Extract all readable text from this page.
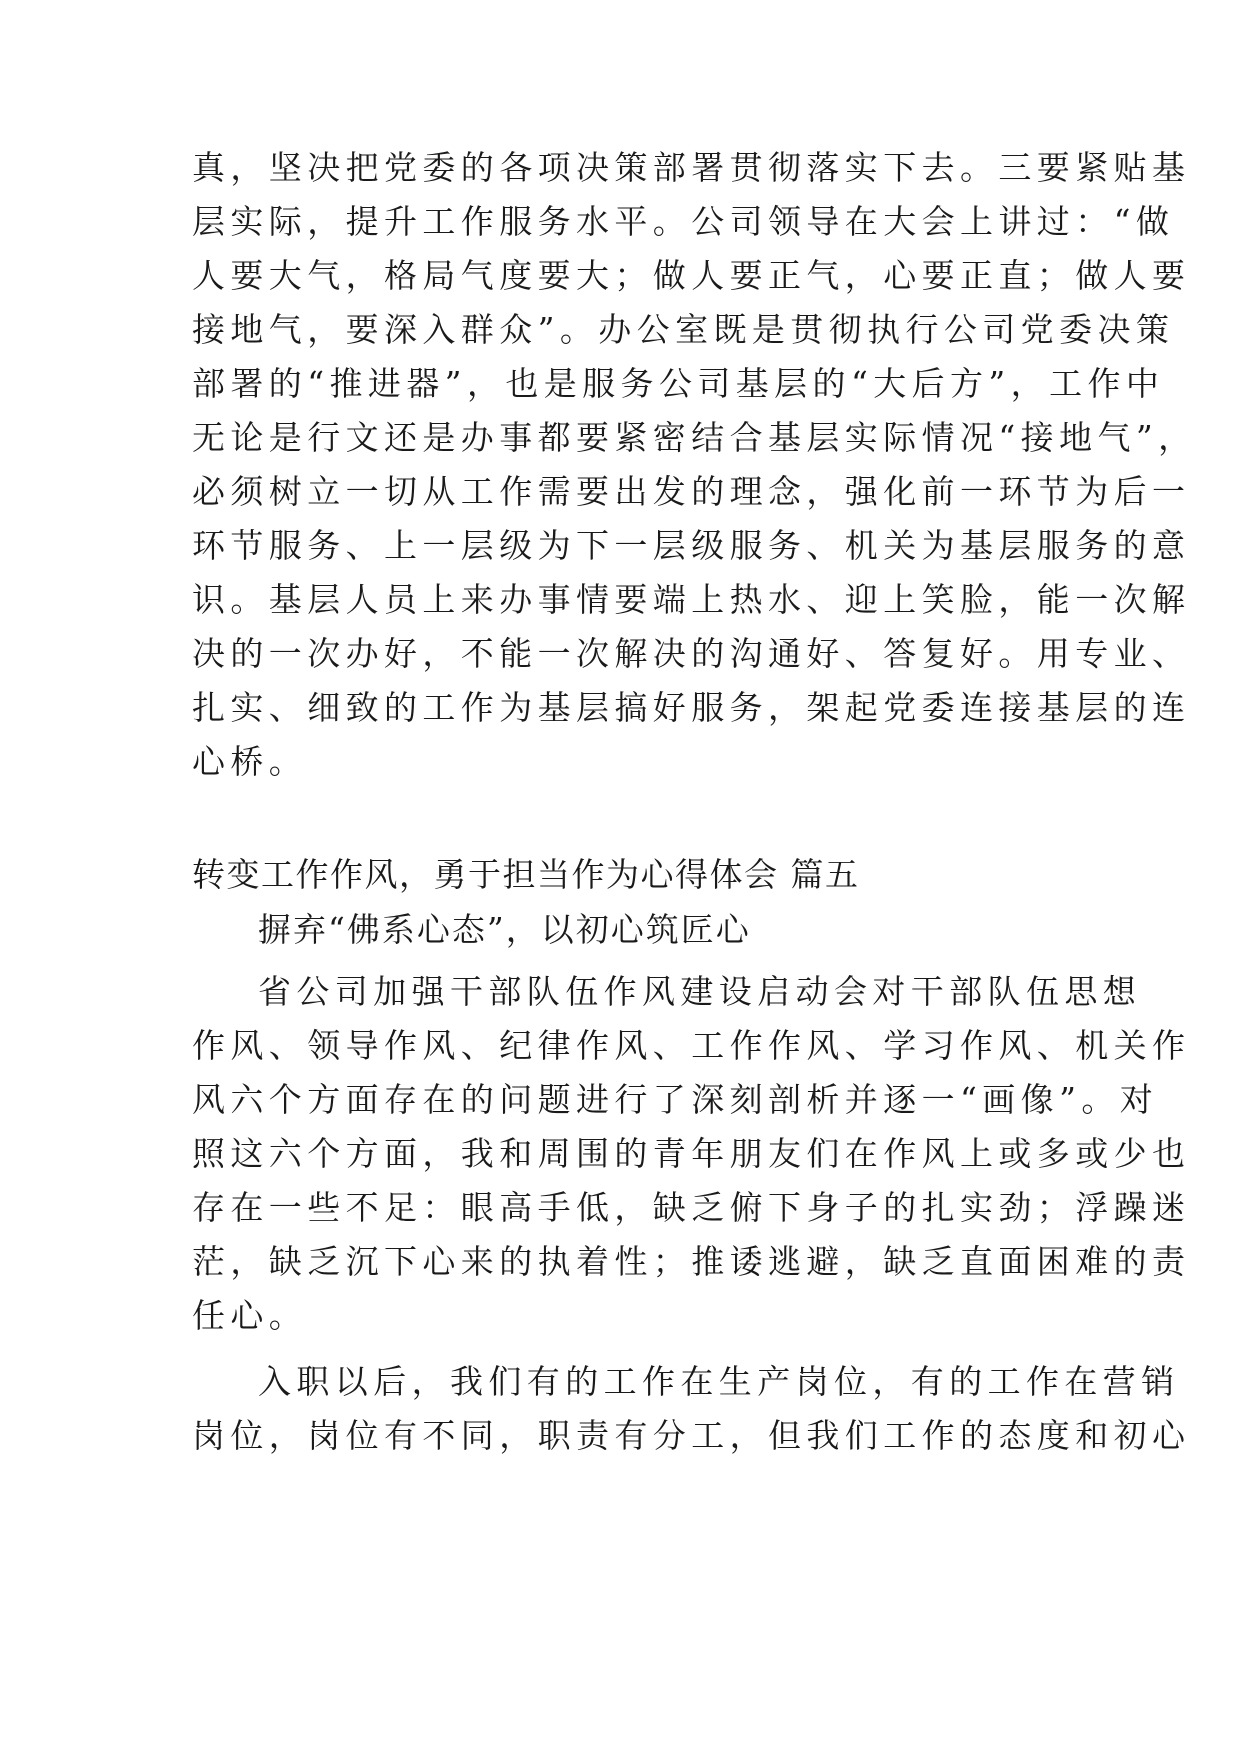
真，坚决把党委的各项决策部署贯彻落实下去。三要紧贴基
层实际，提升工作服务水平。公司领导在大会上讲过：“做
人要大气，格局气度要大；做人要正气，心要正直；做人要
接地气，要深入群众”。办公室既是贯彻执行公司党委决策
部署的“推进器”，也是服务公司基层的“大后方”，工作中
无论是行文还是办事都要紧密结合基层实际情况“接地气”，
必须树立一切从工作需要出发的理念，强化前一环节为后一
环节服务、上一层级为下一层级服务、机关为基层服务的意
识。基层人员上来办事情要端上热水、迎上笑脸，能一次解
决的一次办好，不能一次解决的沟通好、答复好。用专业、
扎实、细致的工作为基层搞好服务，架起党委连接基层的连
心桥。
转变工作作风，勇于担当作为心得体会 篇五
摒弃“佛系心态”，以初心筑匠心
省公司加强干部队伍作风建设启动会对干部队伍思想
作风、领导作风、纪律作风、工作作风、学习作风、机关作
风六个方面存在的问题进行了深刻剖析并逐一“画像”。对
照这六个方面，我和周围的青年朋友们在作风上或多或少也
存在一些不足：眼高手低，缺乏俯下身子的扎实劲；浮躁迷
茫，缺乏沉下心来的执着性；推诿逃避，缺乏直面困难的责
任心。
入职以后，我们有的工作在生产岗位，有的工作在营销
岗位，岗位有不同，职责有分工，但我们工作的态度和初心
